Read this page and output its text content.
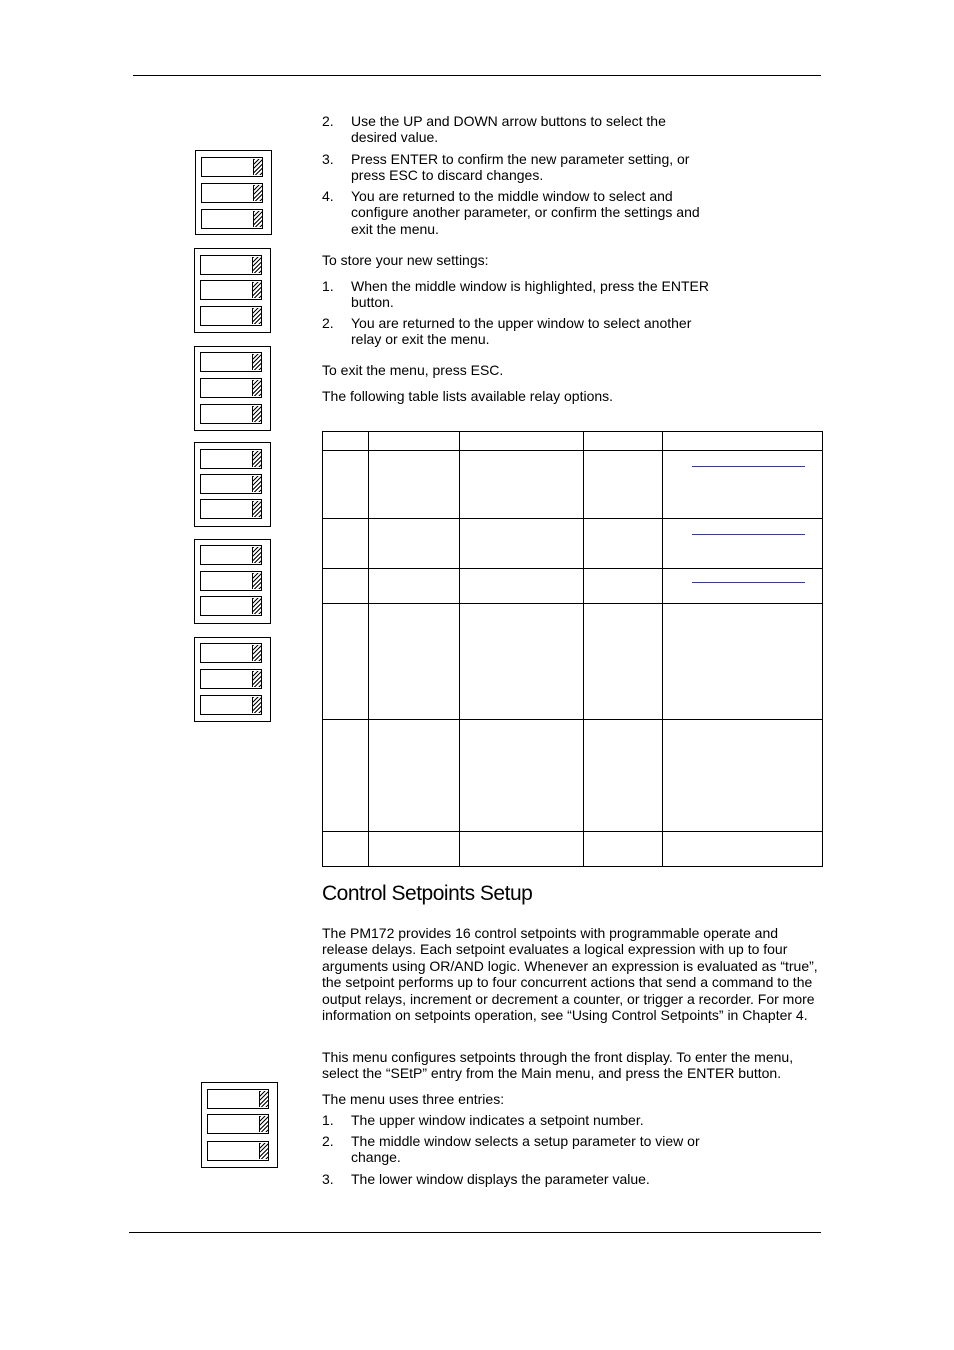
2. Use the UP and DOWN arrow buttons to select the desired value.
3. Press ENTER to confirm the new parameter setting, or press ESC to discard changes.
4. You are returned to the middle window to select and configure another parameter, or confirm the settings and exit the menu.
To store your new settings:
1. When the middle window is highlighted, press the ENTER button.
2. You are returned to the upper window to select another relay or exit the menu.
To exit the menu, press ESC.
The following table lists available relay options.

Control Setpoints Setup

The PM172 provides 16 control setpoints with programmable operate and release delays. Each setpoint evaluates a logical expression with up to four arguments using OR/AND logic. Whenever an expression is evaluated as “true”, the setpoint performs up to four concurrent actions that send a command to the output relays, increment or decrement a counter, or trigger a recorder. For more information on setpoints operation, see “Using Control Setpoints” in Chapter 4.

This menu configures setpoints through the front display. To enter the menu, select the “SEtP” entry from the Main menu, and press the ENTER button.

The menu uses three entries:
1. The upper window indicates a setpoint number.
2. The middle window selects a setup parameter to view or change.
3. The lower window displays the parameter value.
